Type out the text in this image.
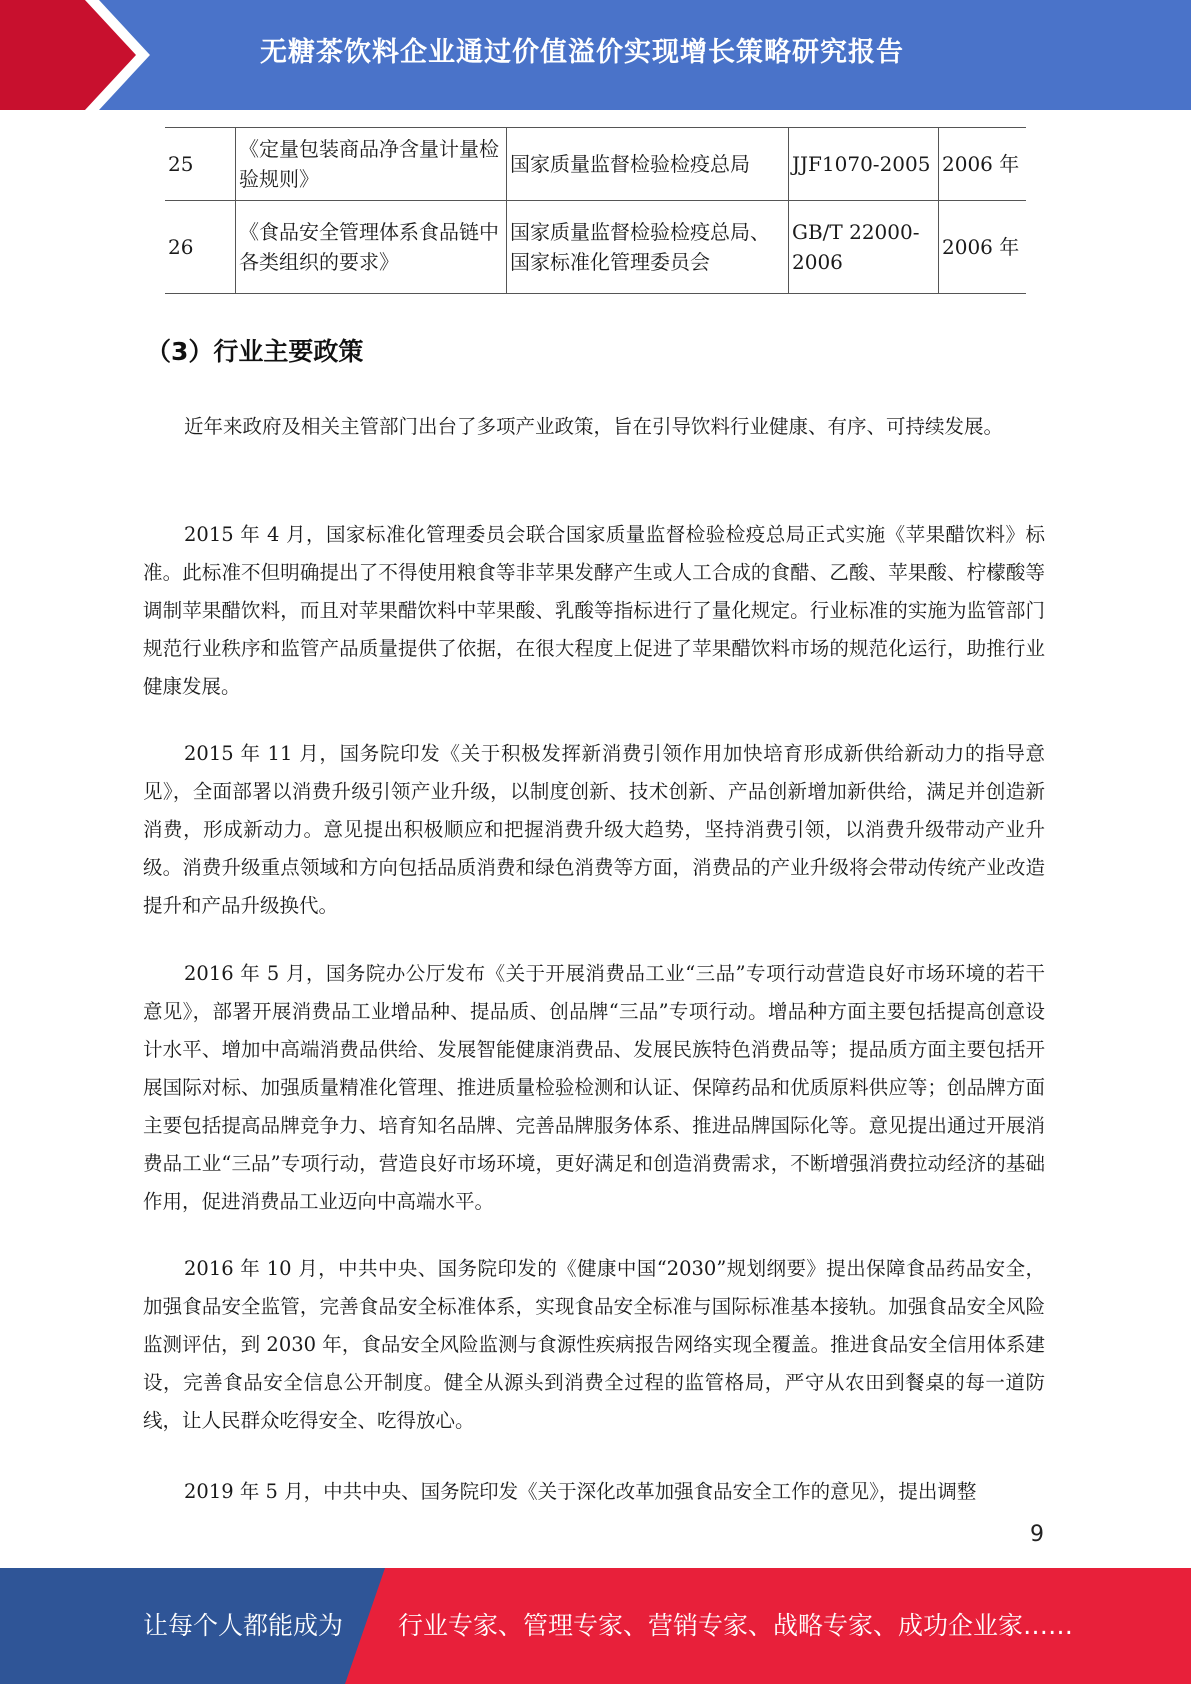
无糖茶饮料企业通过价值溢价实现增长策略研究报告
25	《定量包装商品净含量计量检验规则》	国家质量监督检验检疫总局	JJF1070-2005	2006 年
26	《食品安全管理体系食品链中各类组织的要求》	国家质量监督检验检疫总局、国家标准化管理委员会	GB/T 22000-2006	2006 年
（3）行业主要政策

近年来政府及相关主管部门出台了多项产业政策，旨在引导饮料行业健康、有序、可持续发展。

2015 年 4 月，国家标准化管理委员会联合国家质量监督检验检疫总局正式实施《苹果醋饮料》标准。此标准不但明确提出了不得使用粮食等非苹果发酵产生或人工合成的食醋、乙酸、苹果酸、柠檬酸等调制苹果醋饮料，而且对苹果醋饮料中苹果酸、乳酸等指标进行了量化规定。行业标准的实施为监管部门规范行业秩序和监管产品质量提供了依据，在很大程度上促进了苹果醋饮料市场的规范化运行，助推行业健康发展。

2015 年 11 月，国务院印发《关于积极发挥新消费引领作用加快培育形成新供给新动力的指导意见》，全面部署以消费升级引领产业升级，以制度创新、技术创新、产品创新增加新供给，满足并创造新消费，形成新动力。意见提出积极顺应和把握消费升级大趋势，坚持消费引领，以消费升级带动产业升级。消费升级重点领域和方向包括品质消费和绿色消费等方面，消费品的产业升级将会带动传统产业改造提升和产品升级换代。

2016 年 5 月，国务院办公厅发布《关于开展消费品工业“三品”专项行动营造良好市场环境的若干意见》，部署开展消费品工业增品种、提品质、创品牌“三品”专项行动。增品种方面主要包括提高创意设计水平、增加中高端消费品供给、发展智能健康消费品、发展民族特色消费品等；提品质方面主要包括开展国际对标、加强质量精准化管理、推进质量检验检测和认证、保障药品和优质原料供应等；创品牌方面主要包括提高品牌竞争力、培育知名品牌、完善品牌服务体系、推进品牌国际化等。意见提出通过开展消费品工业“三品”专项行动，营造良好市场环境，更好满足和创造消费需求，不断增强消费拉动经济的基础作用，促进消费品工业迈向中高端水平。

2016 年 10 月，中共中央、国务院印发的《健康中国“2030”规划纲要》提出保障食品药品安全，加强食品安全监管，完善食品安全标准体系，实现食品安全标准与国际标准基本接轨。加强食品安全风险监测评估，到 2030 年，食品安全风险监测与食源性疾病报告网络实现全覆盖。推进食品安全信用体系建设，完善食品安全信息公开制度。健全从源头到消费全过程的监管格局，严守从农田到餐桌的每一道防线，让人民群众吃得安全、吃得放心。

2019 年 5 月，中共中央、国务院印发《关于深化改革加强食品安全工作的意见》，提出调整

9
让每个人都能成为 行业专家、管理专家、营销专家、战略专家、成功企业家……
